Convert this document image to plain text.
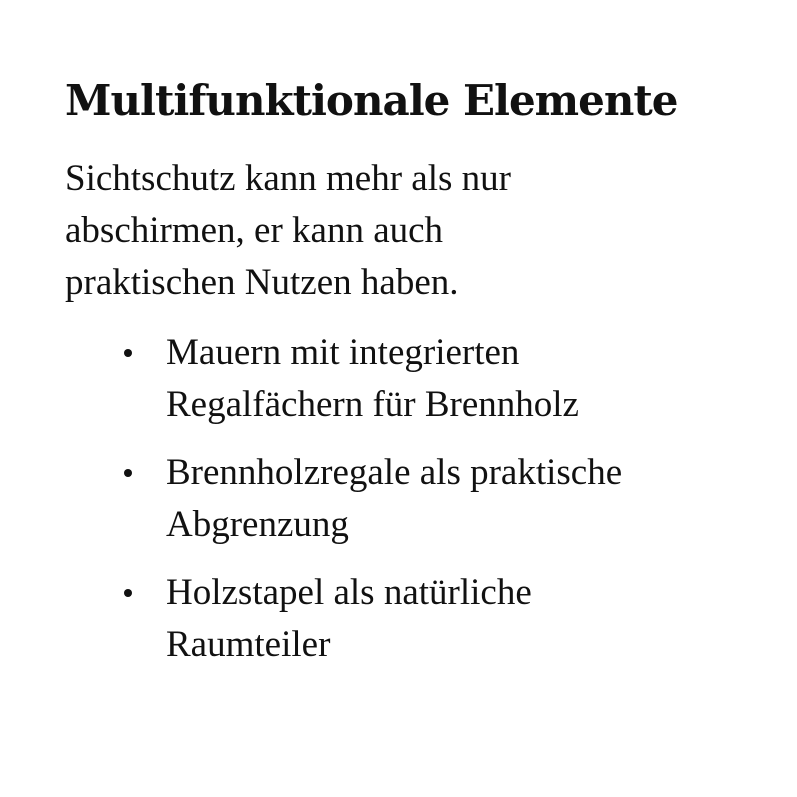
Multifunktionale Elemente

Sichtschutz kann mehr als nur
abschirmen, er kann auch
praktischen Nutzen haben.

Mauern mit integrierten
Regalfächern für Brennholz
Brennholzregale als praktische
Abgrenzung
Holzstapel als natürliche
Raumteiler
